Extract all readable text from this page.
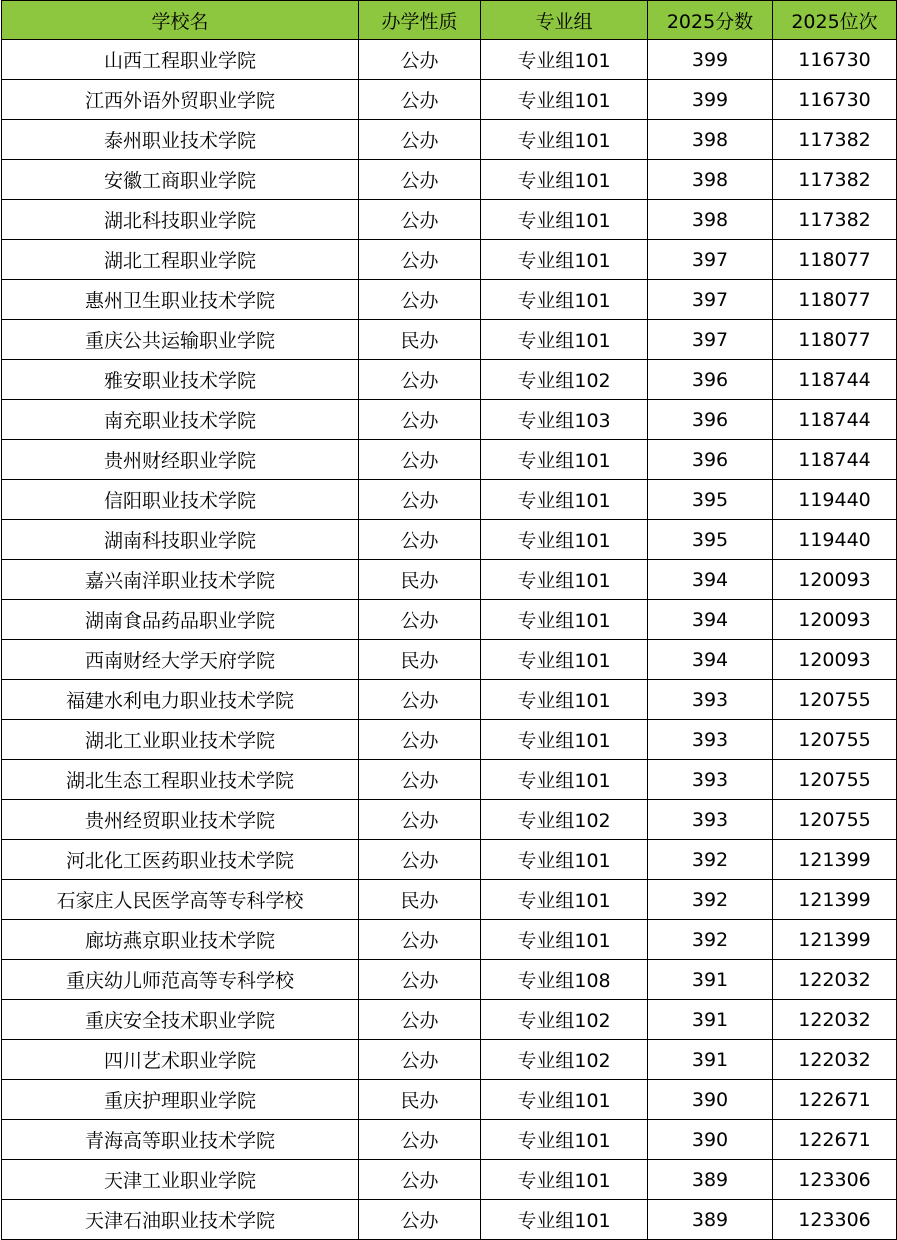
学校名	办学性质	专业组	2025分数	2025位次
山西工程职业学院	公办	专业组101	399	116730
江西外语外贸职业学院	公办	专业组101	399	116730
泰州职业技术学院	公办	专业组101	398	117382
安徽工商职业学院	公办	专业组101	398	117382
湖北科技职业学院	公办	专业组101	398	117382
湖北工程职业学院	公办	专业组101	397	118077
惠州卫生职业技术学院	公办	专业组101	397	118077
重庆公共运输职业学院	民办	专业组101	397	118077
雅安职业技术学院	公办	专业组102	396	118744
南充职业技术学院	公办	专业组103	396	118744
贵州财经职业学院	公办	专业组101	396	118744
信阳职业技术学院	公办	专业组101	395	119440
湖南科技职业学院	公办	专业组101	395	119440
嘉兴南洋职业技术学院	民办	专业组101	394	120093
湖南食品药品职业学院	公办	专业组101	394	120093
西南财经大学天府学院	民办	专业组101	394	120093
福建水利电力职业技术学院	公办	专业组101	393	120755
湖北工业职业技术学院	公办	专业组101	393	120755
湖北生态工程职业技术学院	公办	专业组101	393	120755
贵州经贸职业技术学院	公办	专业组102	393	120755
河北化工医药职业技术学院	公办	专业组101	392	121399
石家庄人民医学高等专科学校	民办	专业组101	392	121399
廊坊燕京职业技术学院	公办	专业组101	392	121399
重庆幼儿师范高等专科学校	公办	专业组108	391	122032
重庆安全技术职业学院	公办	专业组102	391	122032
四川艺术职业学院	公办	专业组102	391	122032
重庆护理职业学院	民办	专业组101	390	122671
青海高等职业技术学院	公办	专业组101	390	122671
天津工业职业学院	公办	专业组101	389	123306
天津石油职业技术学院	公办	专业组101	389	123306
